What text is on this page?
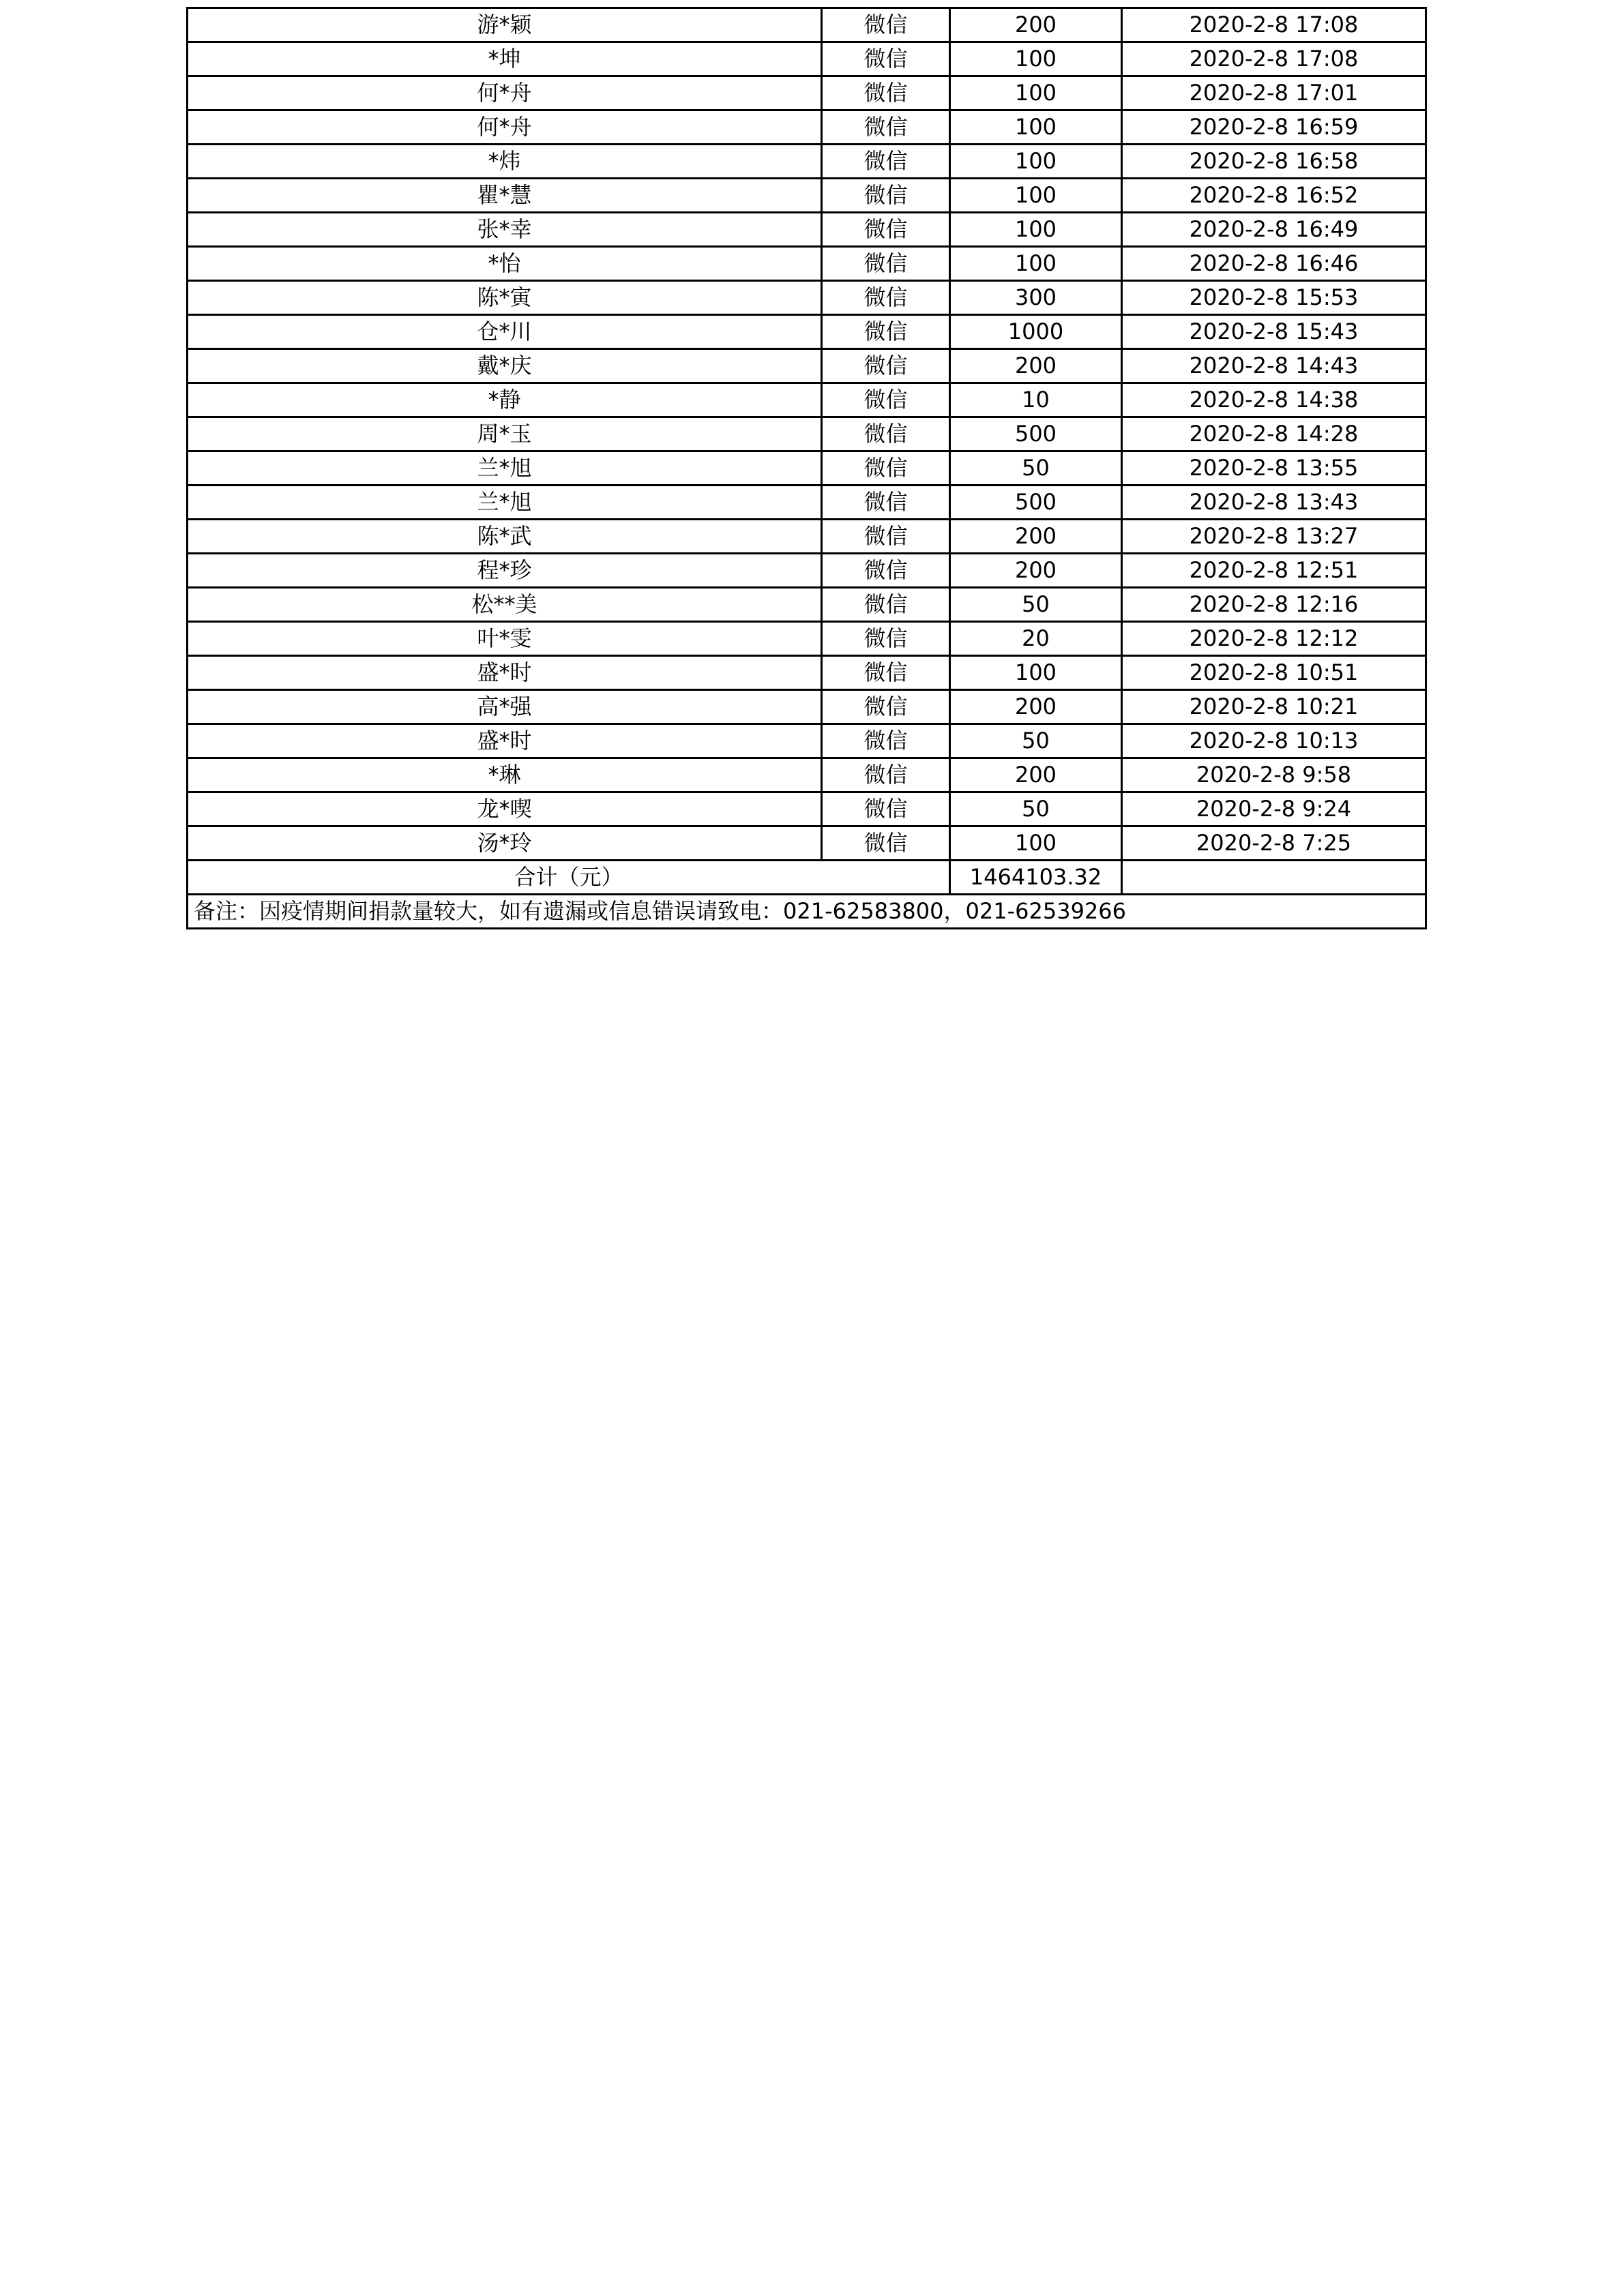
游*颖	微信	200	2020-2-8 17:08
*坤	微信	100	2020-2-8 17:08
何*舟	微信	100	2020-2-8 17:01
何*舟	微信	100	2020-2-8 16:59
*炜	微信	100	2020-2-8 16:58
瞿*慧	微信	100	2020-2-8 16:52
张*幸	微信	100	2020-2-8 16:49
*怡	微信	100	2020-2-8 16:46
陈*寅	微信	300	2020-2-8 15:53
仓*川	微信	1000	2020-2-8 15:43
戴*庆	微信	200	2020-2-8 14:43
*静	微信	10	2020-2-8 14:38
周*玉	微信	500	2020-2-8 14:28
兰*旭	微信	50	2020-2-8 13:55
兰*旭	微信	500	2020-2-8 13:43
陈*武	微信	200	2020-2-8 13:27
程*珍	微信	200	2020-2-8 12:51
松**美	微信	50	2020-2-8 12:16
叶*雯	微信	20	2020-2-8 12:12
盛*时	微信	100	2020-2-8 10:51
高*强	微信	200	2020-2-8 10:21
盛*时	微信	50	2020-2-8 10:13
*琳	微信	200	2020-2-8 9:58
龙*喫	微信	50	2020-2-8 9:24
汤*玲	微信	100	2020-2-8 7:25
合计（元）		1464103.32	
备注：因疫情期间捐款量较大，如有遗漏或信息错误请致电：021-62583800，021-62539266			
